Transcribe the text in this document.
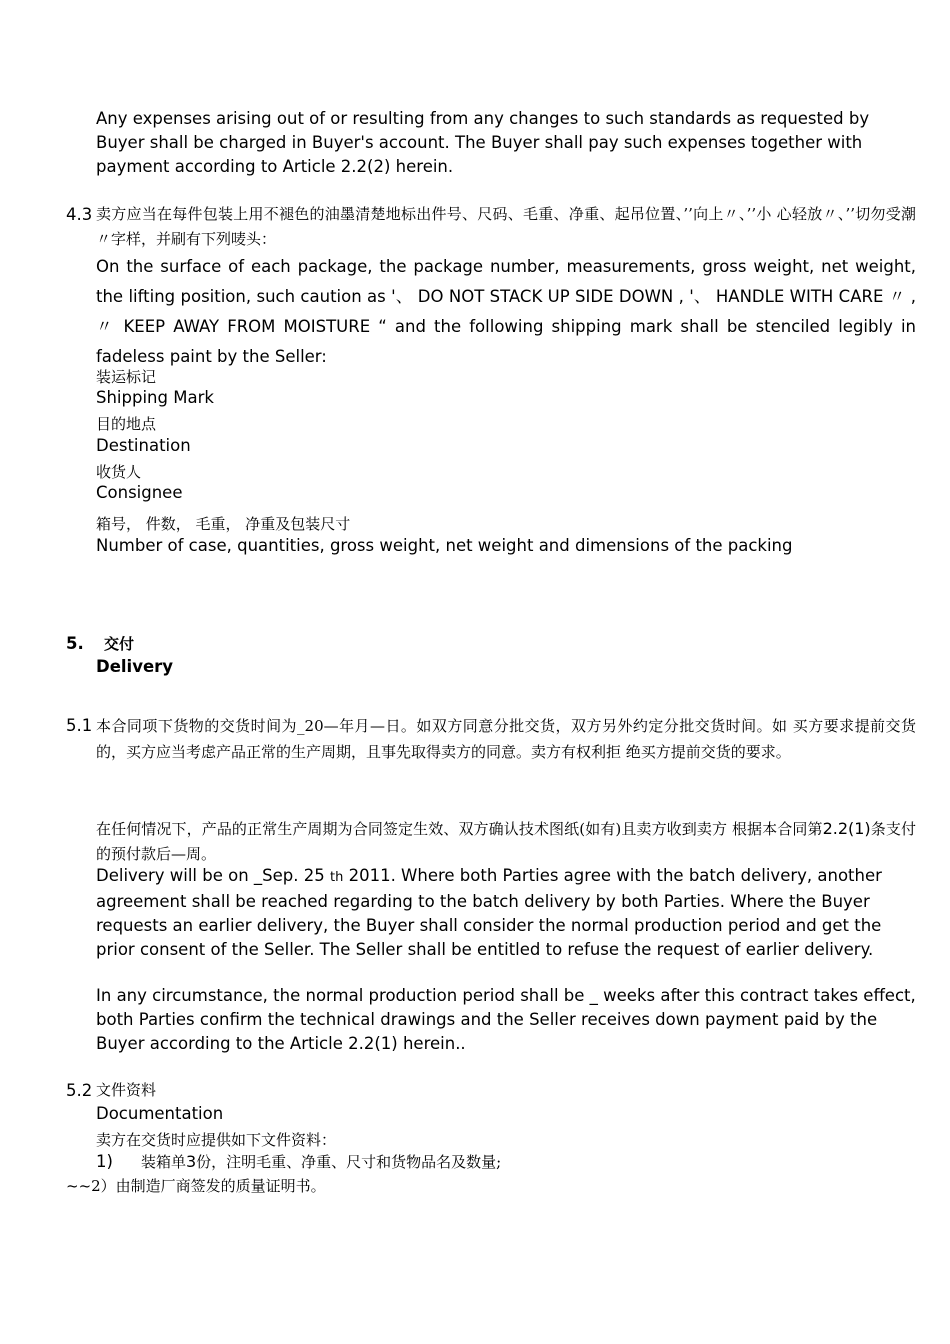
Any expenses arising out of or resulting from any changes to such standards as requested by Buyer shall be charged in Buyer's account. The Buyer shall pay such expenses together with payment according to Article 2.2(2) herein.

4.3 卖方应当在每件包装上用不褪色的油墨清楚地标出件号、尺码、毛重、净重、起吊位置、’’向上〃、’’小 心轻放〃、’’切勿受潮〃字样，并刷有下列唛头：

On the surface of each package, the package number, measurements, gross weight, net weight, the lifting position, such caution as '、 DO NOT STACK UP SIDE DOWN , '、 HANDLE WITH CARE 〃 , 〃 KEEP AWAY FROM MOISTURE “ and the following shipping mark shall be stenciled legibly in fadeless paint by the Seller:

装运标记

Shipping Mark

目的地点

Destination

收货人

Consignee

箱号， 件数， 毛重， 净重及包装尺寸

Number of case, quantities, gross weight, net weight and dimensions of the packing

5. 交付

Delivery

5.1 本合同项下货物的交货时间为_20—年月—日。如双方同意分批交货，双方另外约定分批交货时间。如 买方要求提前交货的，买方应当考虑产品正常的生产周期，且事先取得卖方的同意。卖方有权利拒 绝买方提前交货的要求。

在任何情况下，产品的正常生产周期为合同签定生效、双方确认技术图纸(如有)且卖方收到卖方 根据本合同第2.2(1)条支付的预付款后—周。

Delivery will be on _Sep. 25 th 2011. Where both Parties agree with the batch delivery, another agreement shall be reached regarding to the batch delivery by both Parties. Where the Buyer requests an earlier delivery, the Buyer shall consider the normal production period and get the prior consent of the Seller. The Seller shall be entitled to refuse the request of earlier delivery.

In any circumstance, the normal production period shall be _ weeks after this contract takes effect, both Parties confirm the technical drawings and the Seller receives down payment paid by the Buyer according to the Article 2.2(1) herein..

5.2 文件资料

Documentation

卖方在交货时应提供如下文件资料：

1) 装箱单3份，注明毛重、净重、尺寸和货物品名及数量;

~~2）由制造厂商签发的质量证明书。
